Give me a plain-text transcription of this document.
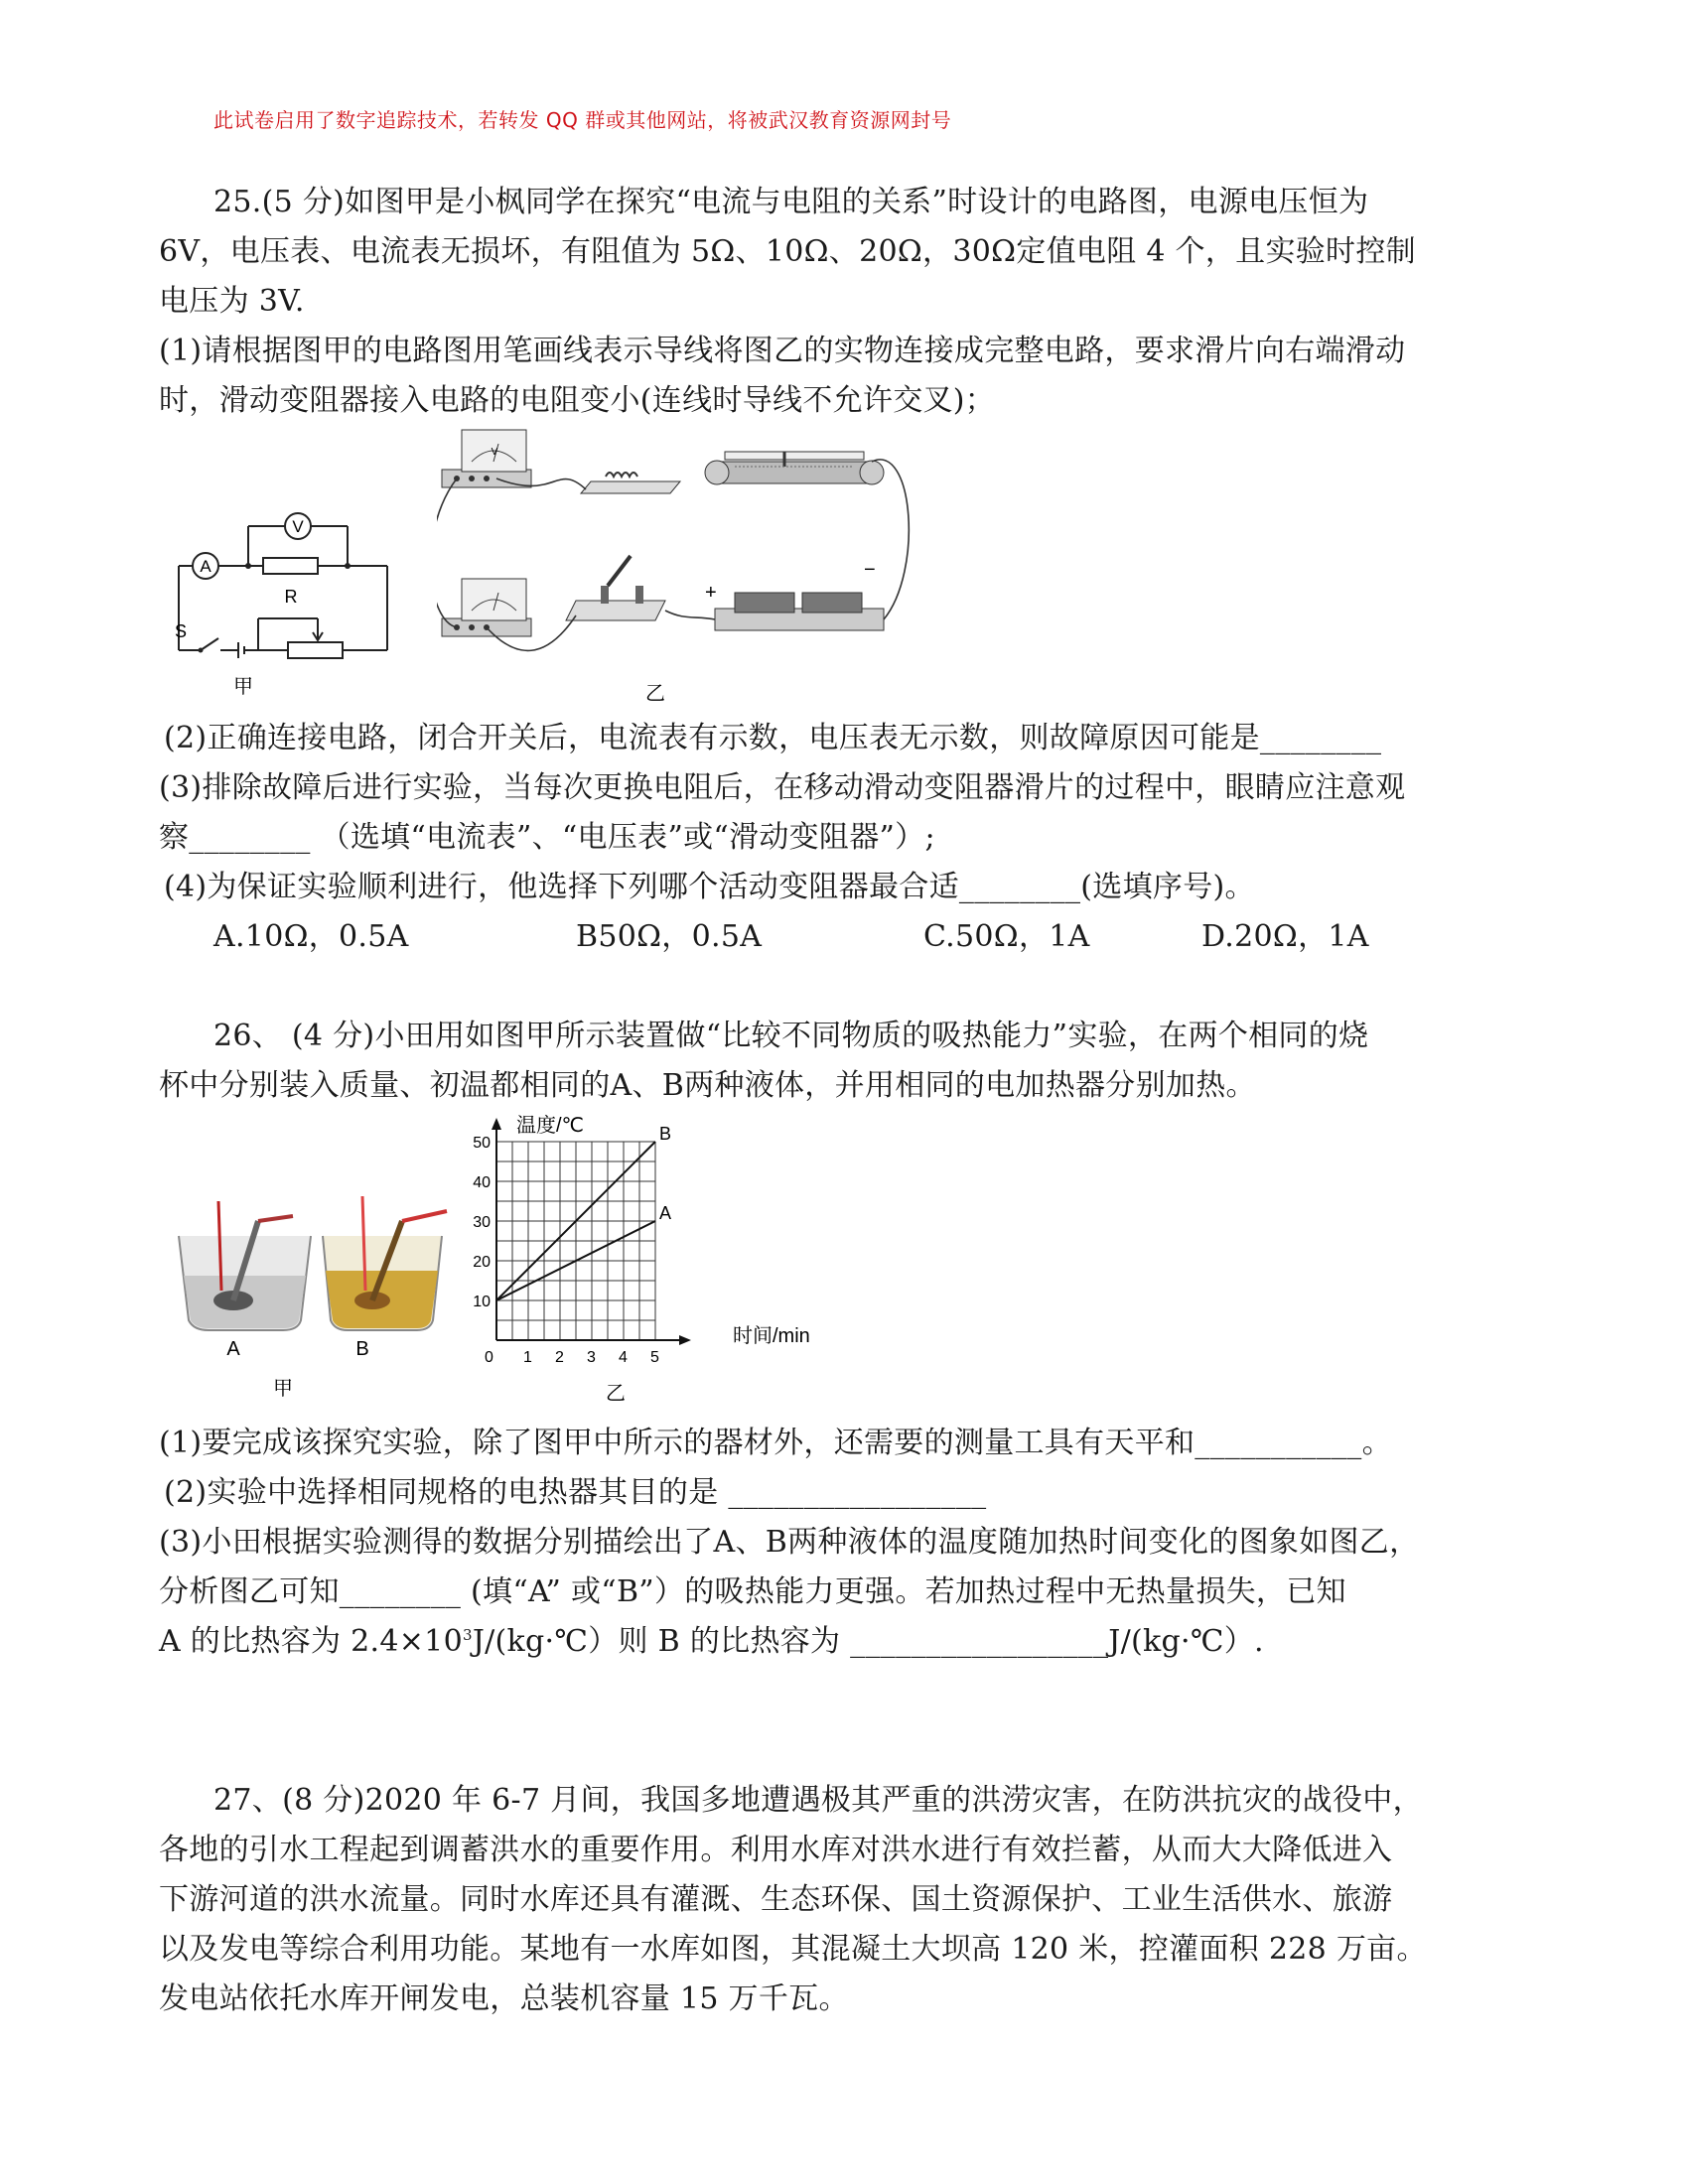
此试卷启用了数字追踪技术，若转发 QQ 群或其他网站，将被武汉教育资源网封号
25.(5 分)如图甲是小枫同学在探究“电流与电阻的关系”时设计的电路图，电源电压恒为
6V，电压表、电流表无损坏，有阻值为 5Ω、10Ω、20Ω，30Ω定值电阻 4 个，且实验时控制
电压为 3V.
(1)请根据图甲的电路图用笔画线表示导线将图乙的实物连接成完整电路，要求滑片向右端滑动
时，滑动变阻器接入电路的电阻变小(连线时导线不允许交叉)；
V
A
R
S
甲
V
+
−
乙
(2)正确连接电路，闭合开关后，电流表有示数，电压表无示数，则故障原因可能是________
(3)排除故障后进行实验，当每次更换电阻后，在移动滑动变阻器滑片的过程中，眼睛应注意观
察________ （选填“电流表”、“电压表”或“滑动变阻器”）;
(4)为保证实验顺利进行，他选择下列哪个活动变阻器最合适________(选填序号)。
A.10Ω，0.5A	B50Ω，0.5A	C.50Ω，1A	D.20Ω，1A
26、 (4 分)小田用如图甲所示装置做“比较不同物质的吸热能力”实验，在两个相同的烧
杯中分别装入质量、初温都相同的A、B两种液体，并用相同的电加热器分别加热。
A	B
甲
A
B
0 1 2 3 4 5
10
20
30
40
50
温度/℃
时间/min
乙
(1)要完成该探究实验，除了图甲中所示的器材外，还需要的测量工具有天平和___________。
(2)实验中选择相同规格的电热器其目的是 _________________
(3)小田根据实验测得的数据分别描绘出了A、B两种液体的温度随加热时间变化的图象如图乙，
分析图乙可知________ (填“A” 或“B”）的吸热能力更强。若加热过程中无热量损失，已知
A 的比热容为 $2.4\times 10^3J/(kg\cdot℃)$则 B 的比热容为 _________________J/(kg·℃）.
27、(8 分)2020 年 6-7 月间，我国多地遭遇极其严重的洪涝灾害，在防洪抗灾的战役中，
各地的引水工程起到调蓄洪水的重要作用。利用水库对洪水进行有效拦蓄，从而大大降低进入
下游河道的洪水流量。同时水库还具有灌溉、生态环保、国土资源保护、工业生活供水、旅游
以及发电等综合利用功能。某地有一水库如图，其混凝土大坝高 120 米，控灌面积 228 万亩。
发电站依托水库开闸发电，总装机容量 15 万千瓦。
